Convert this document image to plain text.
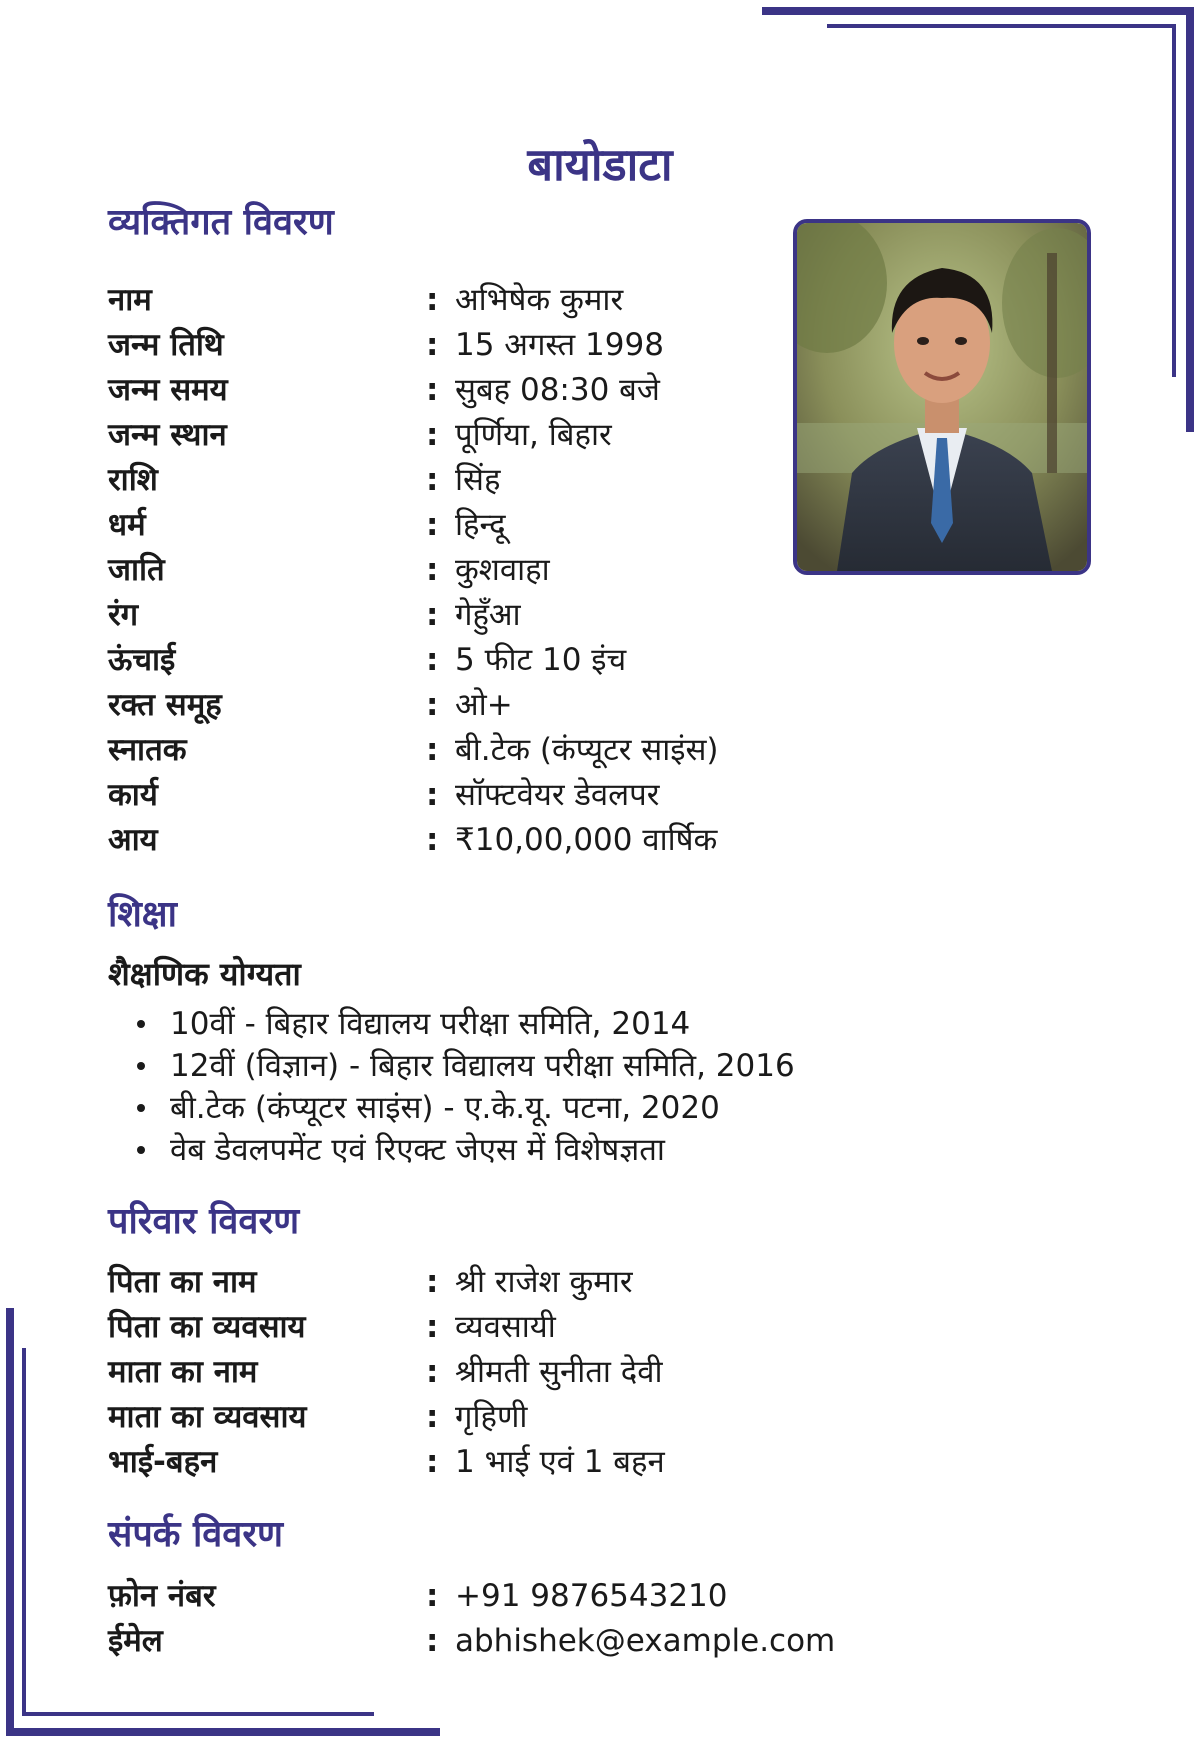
बायोडाटा
व्यक्तिगत विवरण
नाम	: अभिषेक कुमार
जन्म तिथि	: 15 अगस्त 1998
जन्म समय	: सुबह 08:30 बजे
जन्म स्थान	: पूर्णिया, बिहार
राशि	: सिंह
धर्म	: हिन्दू
जाति	: कुशवाहा
रंग	: गेहुँआ
ऊंचाई	: 5 फीट 10 इंच
रक्त समूह	: ओ+
स्नातक	: बी.टेक (कंप्यूटर साइंस)
कार्य	: सॉफ्टवेयर डेवलपर
आय	: ₹10,00,000 वार्षिक
शिक्षा
शैक्षणिक योग्यता
10वीं - बिहार विद्यालय परीक्षा समिति, 2014
12वीं (विज्ञान) - बिहार विद्यालय परीक्षा समिति, 2016
बी.टेक (कंप्यूटर साइंस) - ए.के.यू. पटना, 2020
वेब डेवलपमेंट एवं रिएक्ट जेएस में विशेषज्ञता
परिवार विवरण
पिता का नाम	: श्री राजेश कुमार
पिता का व्यवसाय	: व्यवसायी
माता का नाम	: श्रीमती सुनीता देवी
माता का व्यवसाय	: गृहिणी
भाई-बहन	: 1 भाई एवं 1 बहन
संपर्क विवरण
फ़ोन नंबर	: +91 9876543210
ईमेल	: abhishek@example.com
